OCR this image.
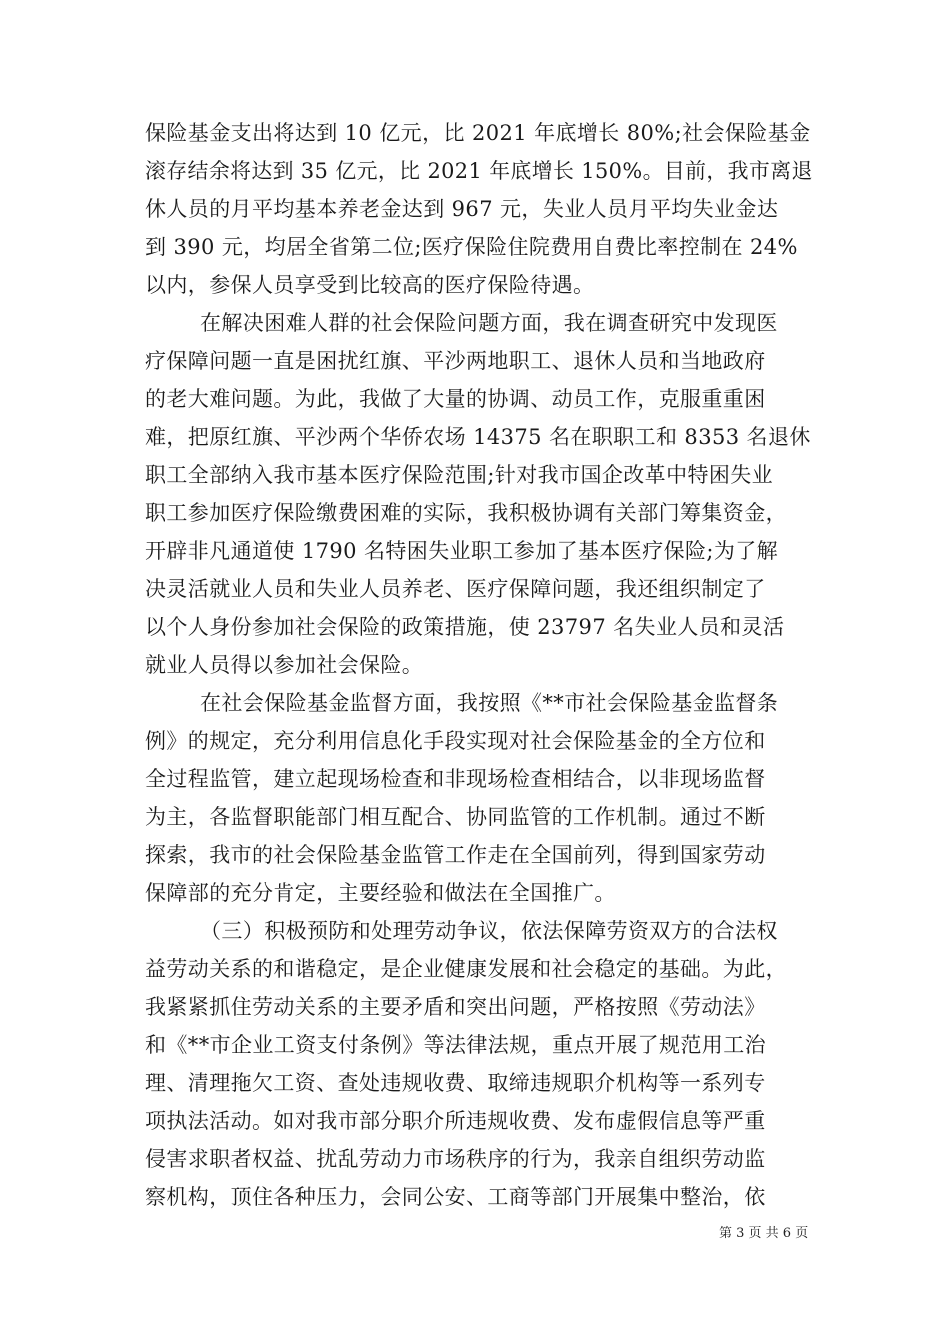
保险基金支出将达到 10 亿元，比 2021 年底增长 80%;社会保险基金
滚存结余将达到 35 亿元，比 2021 年底增长 150%。目前，我市离退
休人员的月平均基本养老金达到 967 元，失业人员月平均失业金达
到 390 元，均居全省第二位;医疗保险住院费用自费比率控制在 24%
以内，参保人员享受到比较高的医疗保险待遇。
在解决困难人群的社会保险问题方面，我在调查研究中发现医
疗保障问题一直是困扰红旗、平沙两地职工、退休人员和当地政府
的老大难问题。为此，我做了大量的协调、动员工作，克服重重困
难，把原红旗、平沙两个华侨农场 14375 名在职职工和 8353 名退休
职工全部纳入我市基本医疗保险范围;针对我市国企改革中特困失业
职工参加医疗保险缴费困难的实际，我积极协调有关部门筹集资金，
开辟非凡通道使 1790 名特困失业职工参加了基本医疗保险;为了解
决灵活就业人员和失业人员养老、医疗保障问题，我还组织制定了
以个人身份参加社会保险的政策措施，使 23797 名失业人员和灵活
就业人员得以参加社会保险。
在社会保险基金监督方面，我按照《**市社会保险基金监督条
例》的规定，充分利用信息化手段实现对社会保险基金的全方位和
全过程监管，建立起现场检查和非现场检查相结合，以非现场监督
为主，各监督职能部门相互配合、协同监管的工作机制。通过不断
探索，我市的社会保险基金监管工作走在全国前列，得到国家劳动
保障部的充分肯定，主要经验和做法在全国推广。
（三）积极预防和处理劳动争议，依法保障劳资双方的合法权
益劳动关系的和谐稳定，是企业健康发展和社会稳定的基础。为此，
我紧紧抓住劳动关系的主要矛盾和突出问题，严格按照《劳动法》
和《**市企业工资支付条例》等法律法规，重点开展了规范用工治
理、清理拖欠工资、查处违规收费、取缔违规职介机构等一系列专
项执法活动。如对我市部分职介所违规收费、发布虚假信息等严重
侵害求职者权益、扰乱劳动力市场秩序的行为，我亲自组织劳动监
察机构，顶住各种压力，会同公安、工商等部门开展集中整治，依
第 3 页 共 6 页
